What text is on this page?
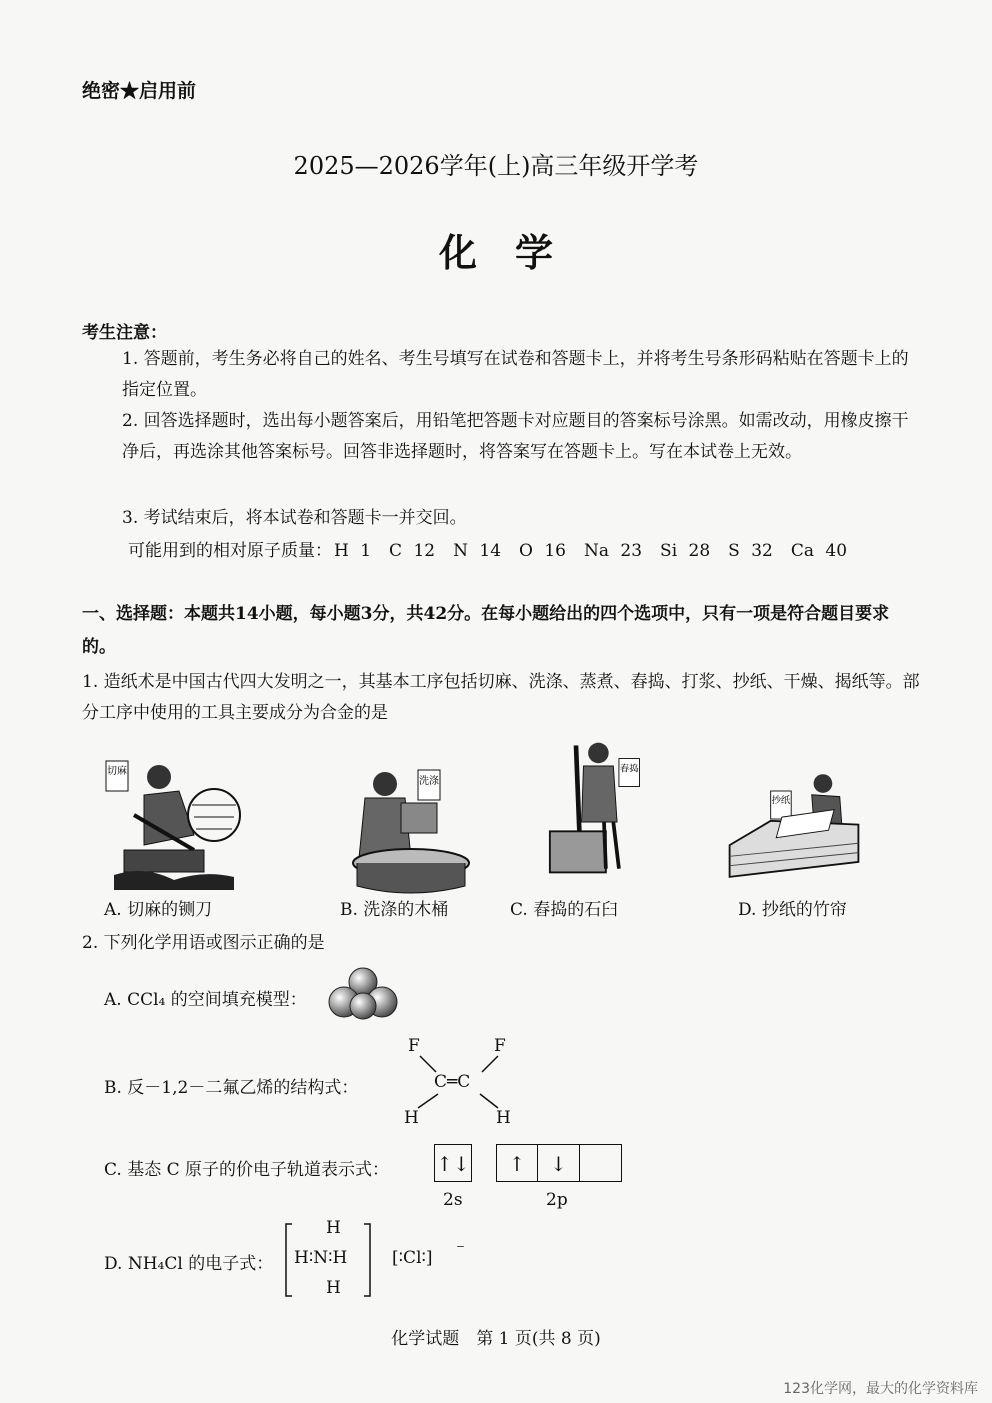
绝密★启用前
2025—2026学年(上)高三年级开学考
化学
考生注意：
1. 答题前，考生务必将自己的姓名、考生号填写在试卷和答题卡上，并将考生号条形码粘贴在答题卡上的指定位置。
2. 回答选择题时，选出每小题答案后，用铅笔把答题卡对应题目的答案标号涂黑。如需改动，用橡皮擦干净后，再选涂其他答案标号。回答非选择题时，将答案写在答题卡上。写在本试卷上无效。
3. 考试结束后，将本试卷和答题卡一并交回。
可能用到的相对原子质量： H 1 C 12 N 14 O 16 Na 23 Si 28 S 32 Ca 40
一、选择题：本题共14小题，每小题3分，共42分。在每小题给出的四个选项中，只有一项是符合题目要求的。
1. 造纸术是中国古代四大发明之一，其基本工序包括切麻、洗涤、蒸煮、舂捣、打浆、抄纸、干燥、揭纸等。部分工序中使用的工具主要成分为合金的是
切麻
洗涤
舂捣
抄纸
A. 切麻的铡刀	B. 洗涤的木桶	C. 舂捣的石臼	D. 抄纸的竹帘
2. 下列化学用语或图示正确的是
A. CCl₄ 的空间填充模型：
B. 反－1,2－二氟乙烯的结构式：
F	F
C═C
H	H
C. 基态 C 原子的价电子轨道表示式： ↑↓	↑	↓
2s	2p
D. NH₄Cl 的电子式：
H
H∶N∶H
H
[∶Cl∶] ⁻
化学试题　第 1 页(共 8 页)
123化学网，最大的化学资料库
